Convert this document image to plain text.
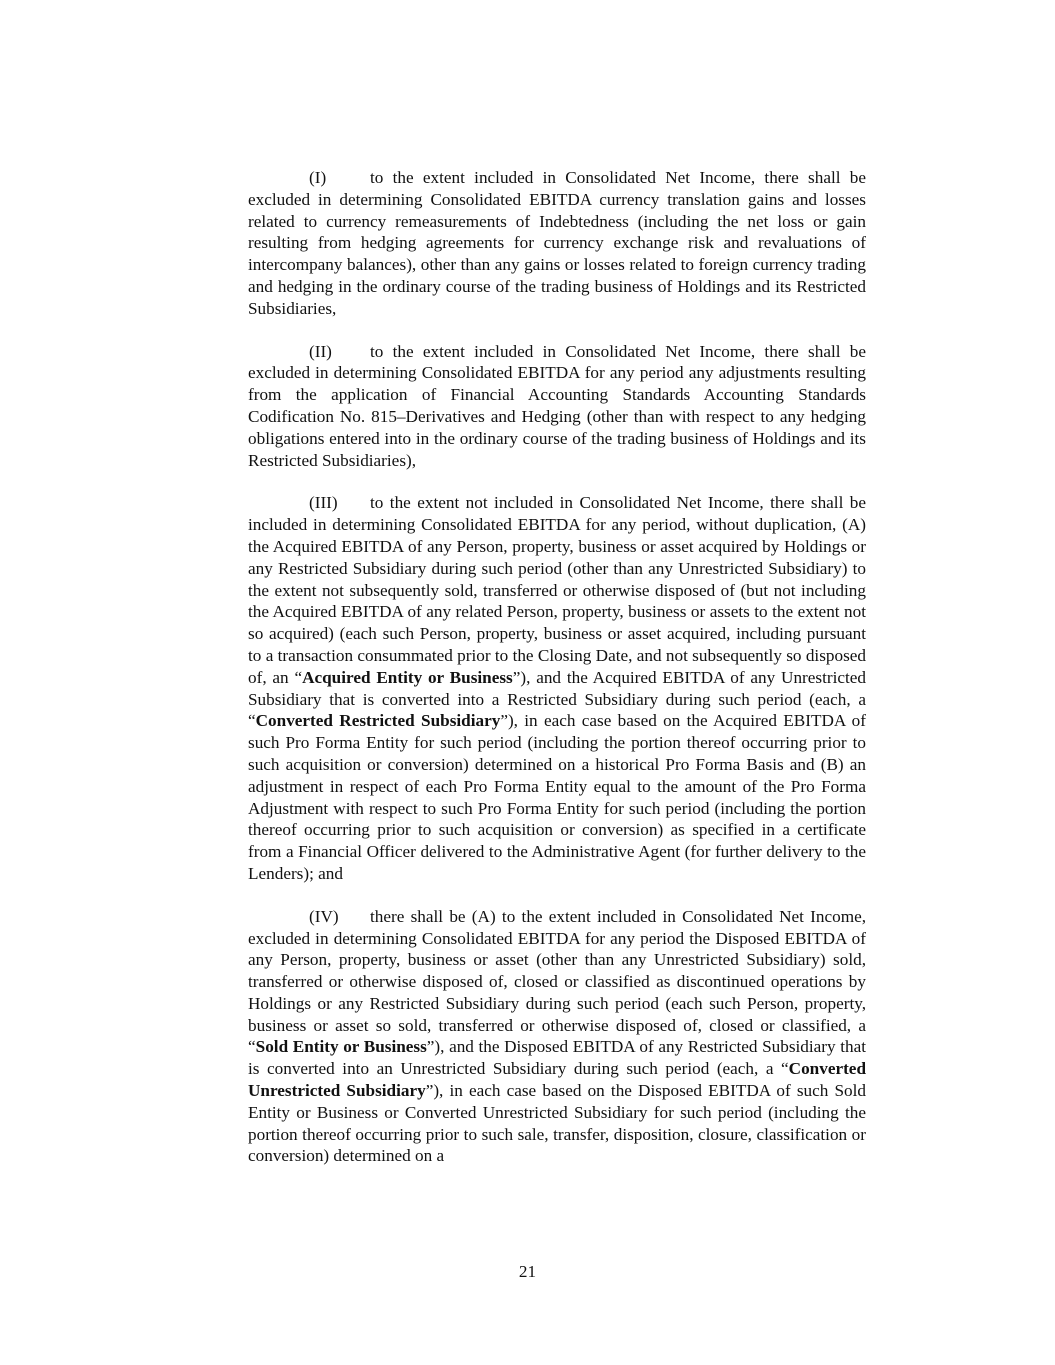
(I)	to the extent included in Consolidated Net Income, there shall be excluded in determining Consolidated EBITDA currency translation gains and losses related to currency remeasurements of Indebtedness (including the net loss or gain resulting from hedging agreements for currency exchange risk and revaluations of intercompany balances), other than any gains or losses related to foreign currency trading and hedging in the ordinary course of the trading business of Holdings and its Restricted Subsidiaries,

(II) to the extent included in Consolidated Net Income, there shall be excluded in determining Consolidated EBITDA for any period any adjustments resulting from the application of Financial Accounting Standards Accounting Standards Codification No. 815–Derivatives and Hedging (other than with respect to any hedging obligations entered into in the ordinary course of the trading business of Holdings and its Restricted Subsidiaries),

(III) to the extent not included in Consolidated Net Income, there shall be included in determining Consolidated EBITDA for any period, without duplication, (A) the Acquired EBITDA of any Person, property, business or asset acquired by Holdings or any Restricted Subsidiary during such period (other than any Unrestricted Subsidiary) to the extent not subsequently sold, transferred or otherwise disposed of (but not including the Acquired EBITDA of any related Person, property, business or assets to the extent not so acquired) (each such Person, property, business or asset acquired, including pursuant to a transaction consummated prior to the Closing Date, and not subsequently so disposed of, an “Acquired Entity or Business”), and the Acquired EBITDA of any Unrestricted Subsidiary that is converted into a Restricted Subsidiary during such period (each, a “Converted Restricted Subsidiary”), in each case based on the Acquired EBITDA of such Pro Forma Entity for such period (including the portion thereof occurring prior to such acquisition or conversion) determined on a historical Pro Forma Basis and (B) an adjustment in respect of each Pro Forma Entity equal to the amount of the Pro Forma Adjustment with respect to such Pro Forma Entity for such period (including the portion thereof occurring prior to such acquisition or conversion) as specified in a certificate from a Financial Officer delivered to the Administrative Agent (for further delivery to the Lenders); and

(IV) there shall be (A) to the extent included in Consolidated Net Income, excluded in determining Consolidated EBITDA for any period the Disposed EBITDA of any Person, property, business or asset (other than any Unrestricted Subsidiary) sold, transferred or otherwise disposed of, closed or classified as discontinued operations by Holdings or any Restricted Subsidiary during such period (each such Person, property, business or asset so sold, transferred or otherwise disposed of, closed or classified, a “Sold Entity or Business”), and the Disposed EBITDA of any Restricted Subsidiary that is converted into an Unrestricted Subsidiary during such period (each, a “Converted Unrestricted Subsidiary”), in each case based on the Disposed EBITDA of such Sold Entity or Business or Converted Unrestricted Subsidiary for such period (including the portion thereof occurring prior to such sale, transfer, disposition, closure, classification or conversion) determined on a

21
